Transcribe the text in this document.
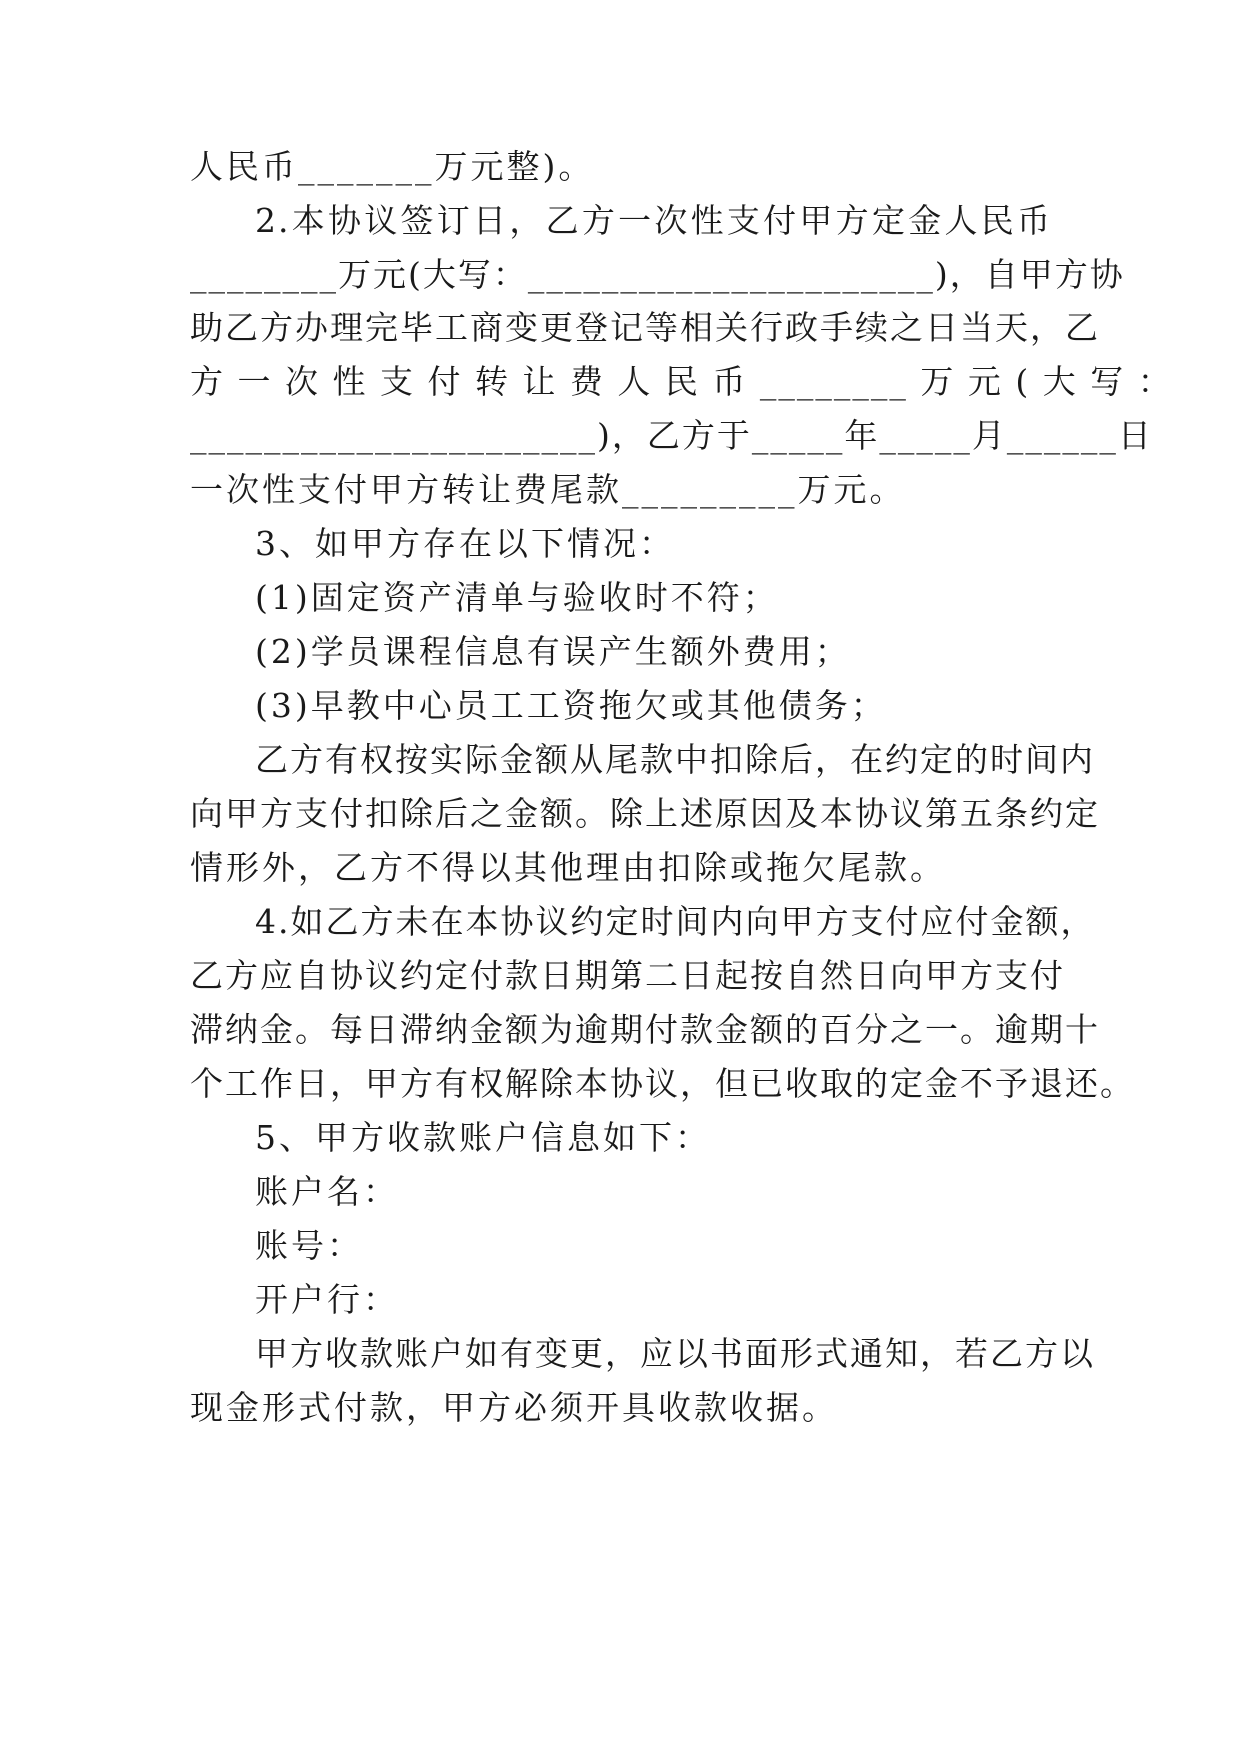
人民币_______万元整)。
2.本协议签订日，乙方一次性支付甲方定金人民币
________万元(大写：______________________)，自甲方协
助乙方办理完毕工商变更登记等相关行政手续之日当天，乙
方 一 次 性 支 付 转 让 费 人 民 币 ________ 万 元 ( 大 写 ：
______________________)，乙方于_____年_____月______日
一次性支付甲方转让费尾款_________万元。
3、如甲方存在以下情况：
(1)固定资产清单与验收时不符；
(2)学员课程信息有误产生额外费用；
(3)早教中心员工工资拖欠或其他债务；
乙方有权按实际金额从尾款中扣除后，在约定的时间内
向甲方支付扣除后之金额。除上述原因及本协议第五条约定
情形外，乙方不得以其他理由扣除或拖欠尾款。
4.如乙方未在本协议约定时间内向甲方支付应付金额，
乙方应自协议约定付款日期第二日起按自然日向甲方支付
滞纳金。每日滞纳金额为逾期付款金额的百分之一。逾期十
个工作日，甲方有权解除本协议，但已收取的定金不予退还。
5、甲方收款账户信息如下：
账户名：
账号：
开户行：
甲方收款账户如有变更，应以书面形式通知，若乙方以
现金形式付款，甲方必须开具收款收据。
